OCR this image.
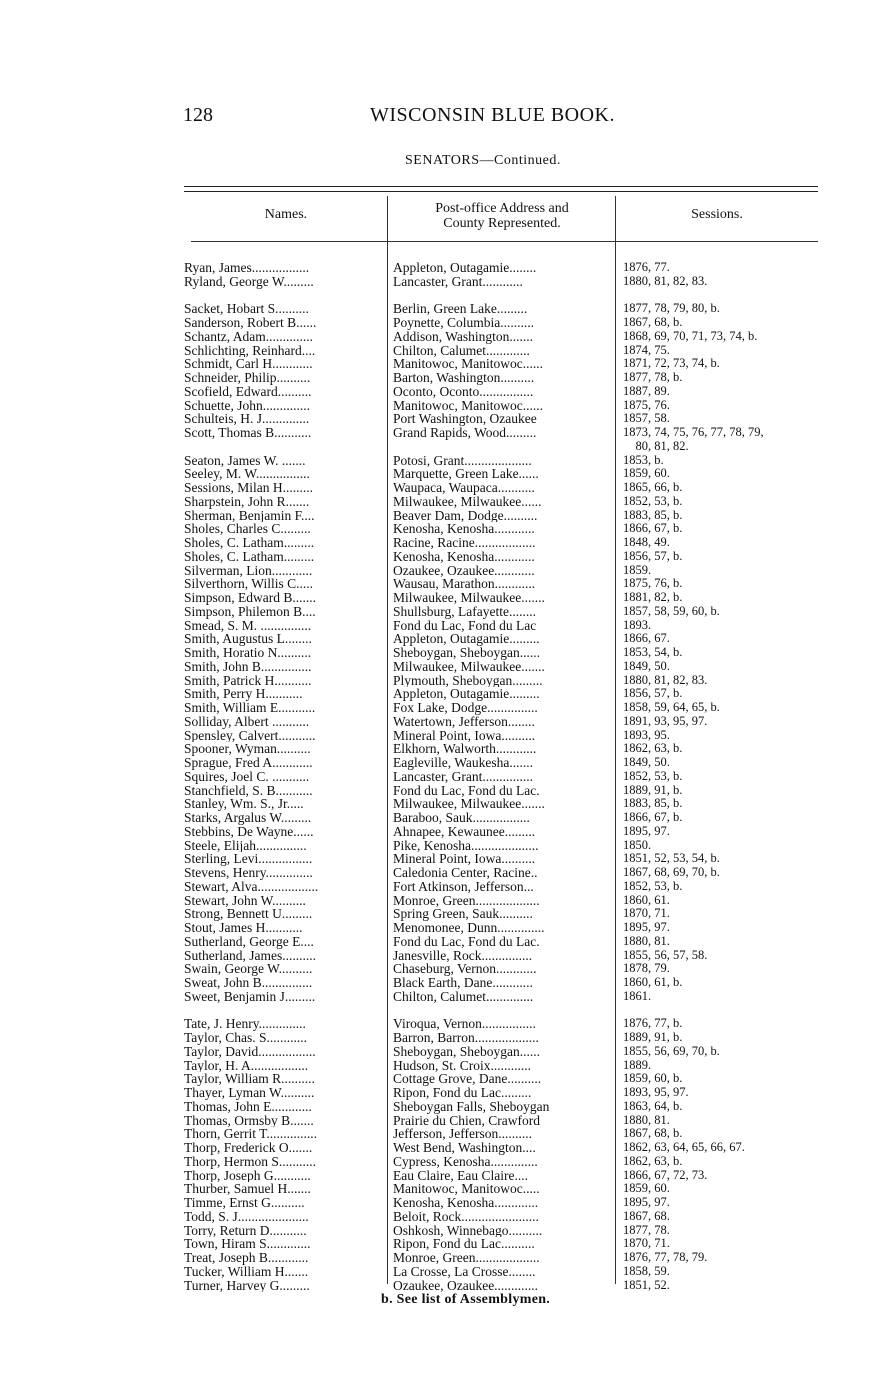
128	WISCONSIN BLUE BOOK.
SENATORS—Continued.
Names.	Post-office Address and
County Represented.
Sessions.
Ryan, James.................
Ryland, George W.........
Sacket, Hobart S..........
Sanderson, Robert B......
Schantz, Adam..............
Schlichting, Reinhard....
Schmidt, Carl H............
Schneider, Philip..........
Scofield, Edward..........
Schuette, John..............
Schulteis, H. J..............
Scott, Thomas B...........
Seaton, James W. .......
Seeley, M. W................
Sessions, Milan H.........
Sharpstein, John R.......
Sherman, Benjamin F....
Sholes, Charles C.........
Sholes, C. Latham.........
Sholes, C. Latham.........
Silverman, Lion............
Silverthorn, Willis C.....
Simpson, Edward B.......
Simpson, Philemon B....
Smead, S. M. ...............
Smith, Augustus L........
Smith, Horatio N..........
Smith, John B...............
Smith, Patrick H...........
Smith, Perry H...........
Smith, William E...........
Solliday, Albert ...........
Spensley, Calvert...........
Spooner, Wyman..........
Sprague, Fred A............
Squires, Joel C. ...........
Stanchfield, S. B...........
Stanley, Wm. S., Jr.....
Starks, Argalus W.........
Stebbins, De Wayne......
Steele, Elijah...............
Sterling, Levi................
Stevens, Henry..............
Stewart, Alva..................
Stewart, John W..........
Strong, Bennett U.........
Stout, James H...........
Sutherland, George E....
Sutherland, James..........
Swain, George W..........
Sweat, John B...............
Sweet, Benjamin J.........
Tate, J. Henry..............
Taylor, Chas. S............
Taylor, David.................
Taylor, H. A.................
Taylor, William R..........
Thayer, Lyman W..........
Thomas, John E............
Thomas, Ormsby B.......
Thorn, Gerrit T...............
Thorp, Frederick O.......
Thorp, Hermon S...........
Thorp, Joseph G...........
Thurber, Samuel H.......
Timme, Ernst G..........
Todd, S. J.....................
Torry, Return D...........
Town, Hiram S.............
Treat, Joseph B............
Tucker, William H.......
Turner, Harvey G.........
Appleton, Outagamie........
Lancaster, Grant............
Berlin, Green Lake.........
Poynette, Columbia..........
Addison, Washington.......
Chilton, Calumet.............
Manitowoc, Manitowoc......
Barton, Washington..........
Oconto, Oconto................
Manitowoc, Manitowoc......
Port Washington, Ozaukee
Grand Rapids, Wood.........
Potosi, Grant....................
Marquette, Green Lake......
Waupaca, Waupaca...........
Milwaukee, Milwaukee......
Beaver Dam, Dodge..........
Kenosha, Kenosha............
Racine, Racine..................
Kenosha, Kenosha............
Ozaukee, Ozaukee............
Wausau, Marathon............
Milwaukee, Milwaukee.......
Shullsburg, Lafayette........
Fond du Lac, Fond du Lac
Appleton, Outagamie.........
Sheboygan, Sheboygan......
Milwaukee, Milwaukee.......
Plymouth, Sheboygan.........
Appleton, Outagamie.........
Fox Lake, Dodge...............
Watertown, Jefferson........
Mineral Point, Iowa..........
Elkhorn, Walworth............
Eagleville, Waukesha.......
Lancaster, Grant...............
Fond du Lac, Fond du Lac.
Milwaukee, Milwaukee.......
Baraboo, Sauk.................
Ahnapee, Kewaunee.........
Pike, Kenosha....................
Mineral Point, Iowa..........
Caledonia Center, Racine..
Fort Atkinson, Jefferson...
Monroe, Green...................
Spring Green, Sauk..........
Menomonee, Dunn..............
Fond du Lac, Fond du Lac.
Janesville, Rock...............
Chaseburg, Vernon............
Black Earth, Dane............
Chilton, Calumet..............
Viroqua, Vernon................
Barron, Barron...................
Sheboygan, Sheboygan......
Hudson, St. Croix............
Cottage Grove, Dane..........
Ripon, Fond du Lac.........
Sheboygan Falls, Sheboygan
Prairie du Chien, Crawford
Jefferson, Jefferson..........
West Bend, Washington....
Cypress, Kenosha..............
Eau Claire, Eau Claire....
Manitowoc, Manitowoc.....
Kenosha, Kenosha.............
Beloit, Rock.......................
Oshkosh, Winnebago..........
Ripon, Fond du Lac..........
Monroe, Green...................
La Crosse, La Crosse........
Ozaukee, Ozaukee.............
1876, 77.
1880, 81, 82, 83.
1877, 78, 79, 80, b.
1867, 68, b.
1868, 69, 70, 71, 73, 74, b.
1874, 75.
1871, 72, 73, 74, b.
1877, 78, b.
1887, 89.
1875, 76.
1857, 58.
1873, 74, 75, 76, 77, 78, 79,
80, 81, 82.
1853, b.
1859, 60.
1865, 66, b.
1852, 53, b.
1883, 85, b.
1866, 67, b.
1848, 49.
1856, 57, b.
1859.
1875, 76, b.
1881, 82, b.
1857, 58, 59, 60, b.
1893.
1866, 67.
1853, 54, b.
1849, 50.
1880, 81, 82, 83.
1856, 57, b.
1858, 59, 64, 65, b.
1891, 93, 95, 97.
1893, 95.
1862, 63, b.
1849, 50.
1852, 53, b.
1889, 91, b.
1883, 85, b.
1866, 67, b.
1895, 97.
1850.
1851, 52, 53, 54, b.
1867, 68, 69, 70, b.
1852, 53, b.
1860, 61.
1870, 71.
1895, 97.
1880, 81.
1855, 56, 57, 58.
1878, 79.
1860, 61, b.
1861.
1876, 77, b.
1889, 91, b.
1855, 56, 69, 70, b.
1889.
1859, 60, b.
1893, 95, 97.
1863, 64, b.
1880, 81.
1867, 68, b.
1862, 63, 64, 65, 66, 67.
1862, 63, b.
1866, 67, 72, 73.
1859, 60.
1895, 97.
1867, 68.
1877, 78.
1870, 71.
1876, 77, 78, 79.
1858, 59.
1851, 52.
b. See list of Assemblymen.
